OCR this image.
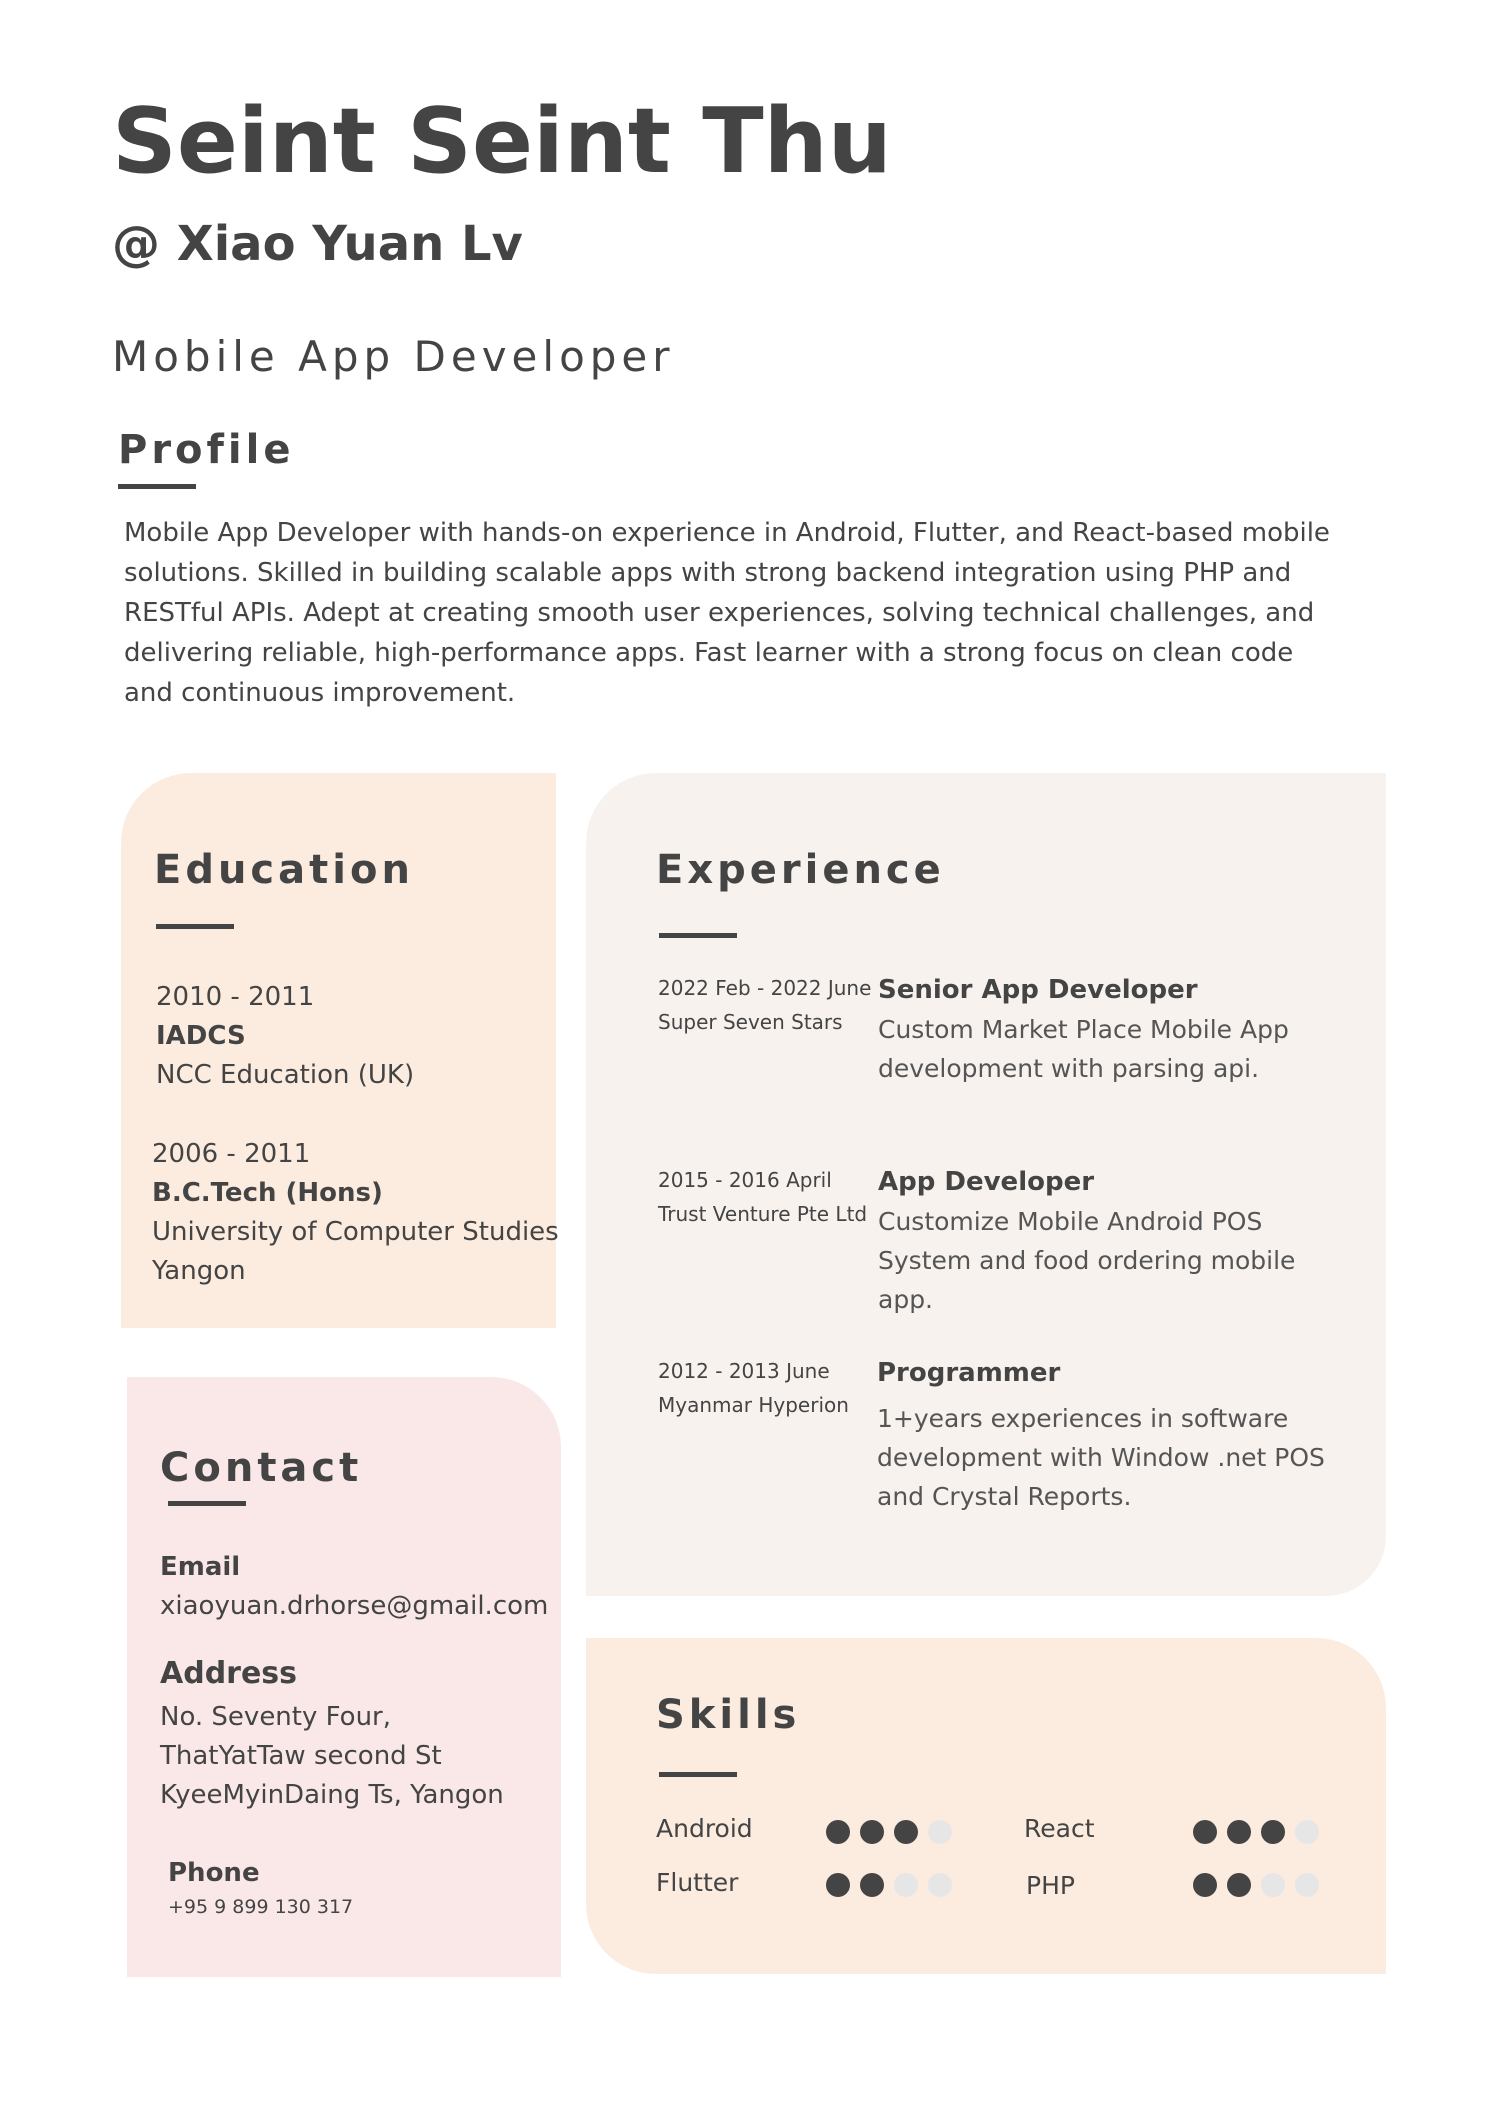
Seint Seint Thu
@ Xiao Yuan Lv
Mobile App Developer
Profile
Mobile App Developer with hands-on experience in Android, Flutter, and React-based mobile solutions. Skilled in building scalable apps with strong backend integration using PHP and RESTful APIs. Adept at creating smooth user experiences, solving technical challenges, and delivering reliable, high-performance apps. Fast learner with a strong focus on clean code and continuous improvement.
Education
2010 - 2011
IADCS
NCC Education (UK)
2006 - 2011
B.C.Tech (Hons)
University of Computer Studies
Yangon
Contact
Email
xiaoyuan.drhorse@gmail.com
Address
No. Seventy Four,
ThatYatTaw second St
KyeeMyinDaing Ts, Yangon
Phone
+95 9 899 130 317
Experience
2022 Feb - 2022 June
Super Seven Stars
Senior App Developer
Custom Market Place Mobile App
development with parsing api.
2015 - 2016 April
Trust Venture Pte Ltd
App Developer
Customize Mobile Android POS
System and food ordering mobile
app.
2012 - 2013 June
Myanmar Hyperion
Programmer
1+years experiences in software
development with Window .net POS
and Crystal Reports.
Skills
Android	React
Flutter	PHP
